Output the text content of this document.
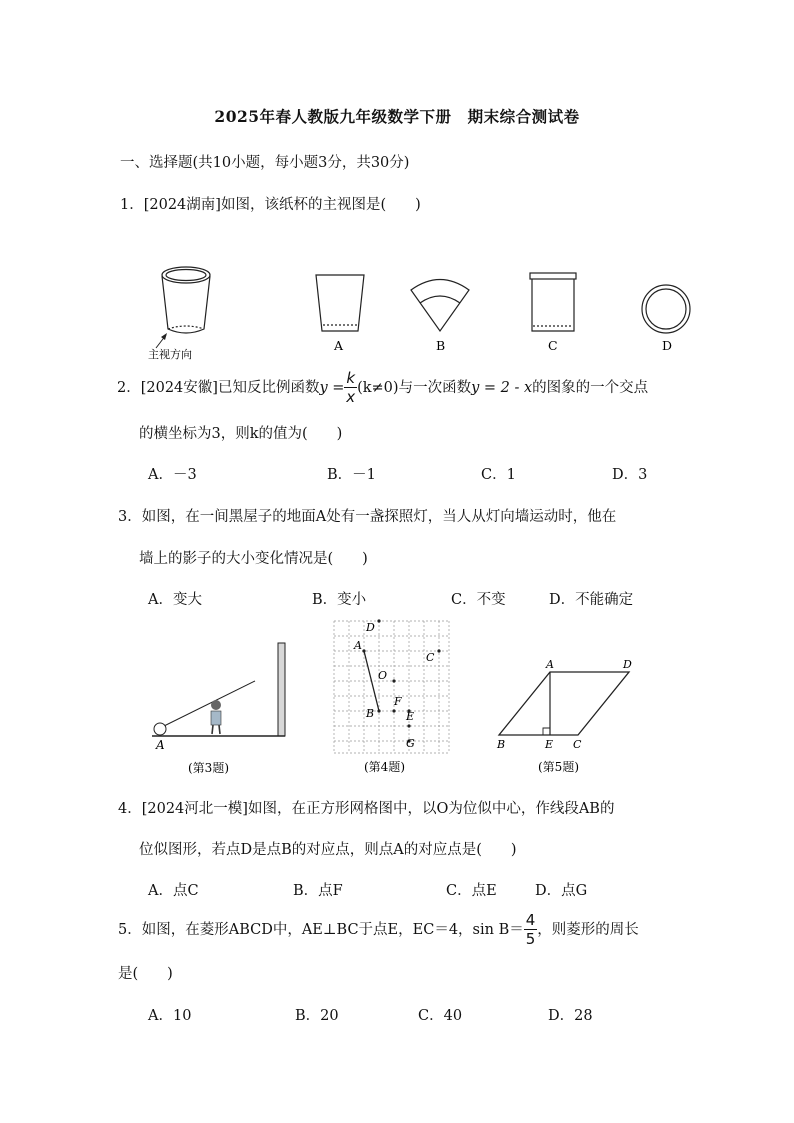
2025年春人教版九年级数学下册　期末综合测试卷
一、选择题(共10小题，每小题3分，共30分)
1．[2024湖南]如图，该纸杯的主视图是(　　)
主视方向
A	B	C	D
2．[2024安徽]已知反比例函数$y = \frac{k}{x} (k\ne 0)$与一次函数y = 2 - x的图象的一个交点
的横坐标为3，则k的值为(　　)
A．－3	B．－1	C．1	D．3
3．如图，在一间黑屋子的地面A处有一盏探照灯，当人从灯向墙运动时，他在
墙上的影子的大小变化情况是(　　)
A．变大	B．变小	C．不变	D．不能确定
A
(第3题)
D
A
C
O
F
B	E
G
(第4题)
A	D
B	E C
(第5题)
4．[2024河北一模]如图，在正方形网格图中，以O为位似中心，作线段AB的
位似图形，若点D是点B的对应点，则点A的对应点是(　　)
A．点C	B．点F	C．点E	D．点G
5．如图，在菱形ABCD中，AE⊥BC于点E，EC＝4，$\sin B= \frac{4}{5}$ ，则菱形的周长
是(　　)
A．10	B．20	C．40	D．28
